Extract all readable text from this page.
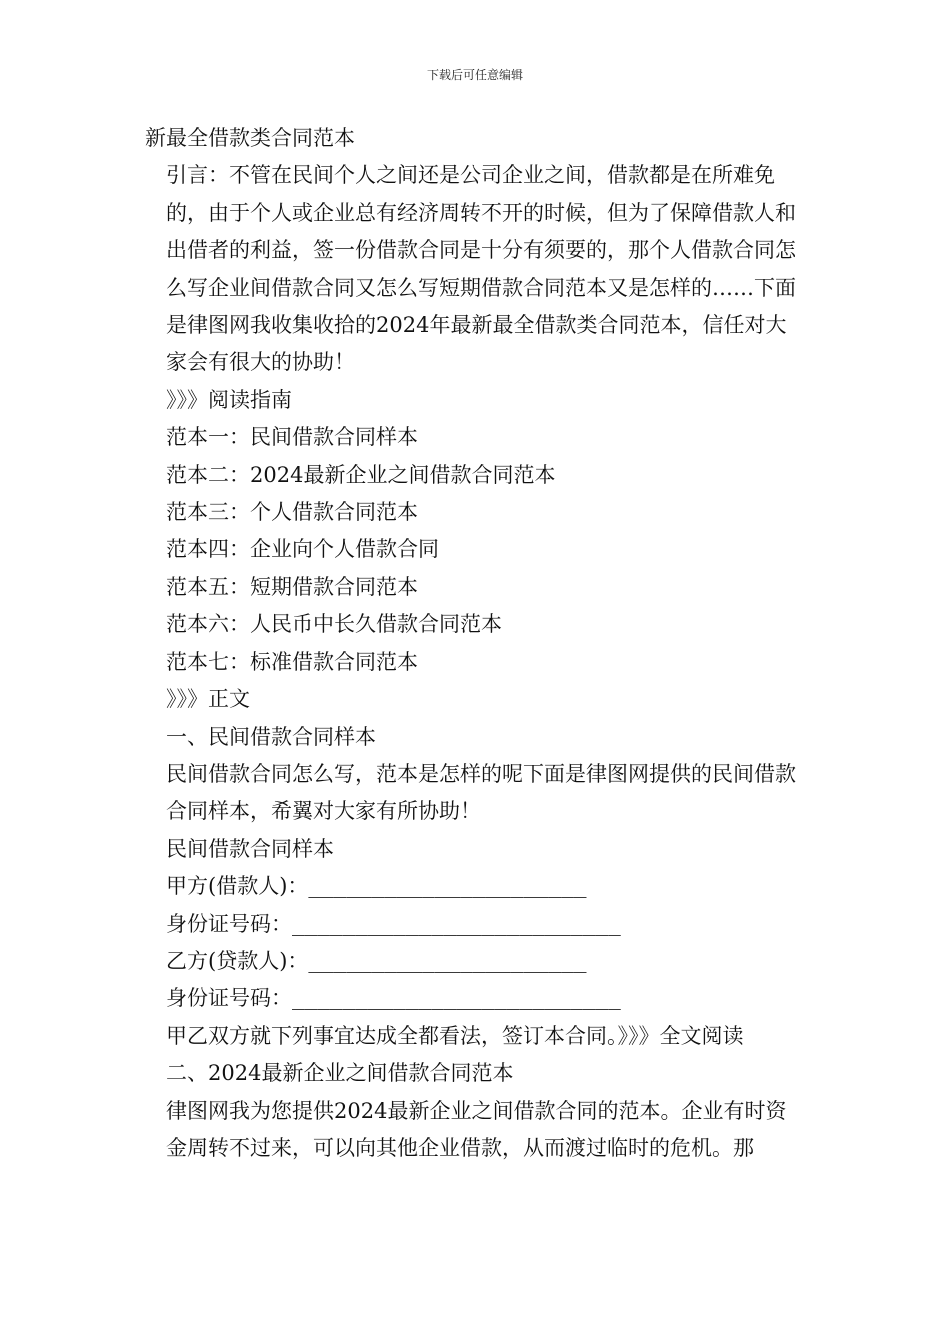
下载后可任意编辑

新最全借款类合同范本

引言：不管在民间个人之间还是公司企业之间，借款都是在所难免的，由于个人或企业总有经济周转不开的时候，但为了保障借款人和出借者的利益，签一份借款合同是十分有须要的，那个人借款合同怎么写企业间借款合同又怎么写短期借款合同范本又是怎样的……下面是律图网我收集收拾的2024年最新最全借款类合同范本，信任对大家会有很大的协助！

》》》阅读指南

范本一：民间借款合同样本

范本二：2024最新企业之间借款合同范本

范本三：个人借款合同范本

范本四：企业向个人借款合同

范本五：短期借款合同范本

范本六：人民币中长久借款合同范本

范本七：标准借款合同范本

》》》正文

一、民间借款合同样本

民间借款合同怎么写，范本是怎样的呢下面是律图网提供的民间借款合同样本，希翼对大家有所协助！

民间借款合同样本

甲方(借款人)：______________________

身份证号码：__________________________

乙方(贷款人)：______________________

身份证号码：__________________________

甲乙双方就下列事宜达成全都看法，签订本合同。》》》全文阅读

二、2024最新企业之间借款合同范本

律图网我为您提供2024最新企业之间借款合同的范本。企业有时资金周转不过来，可以向其他企业借款，从而渡过临时的危机。那
